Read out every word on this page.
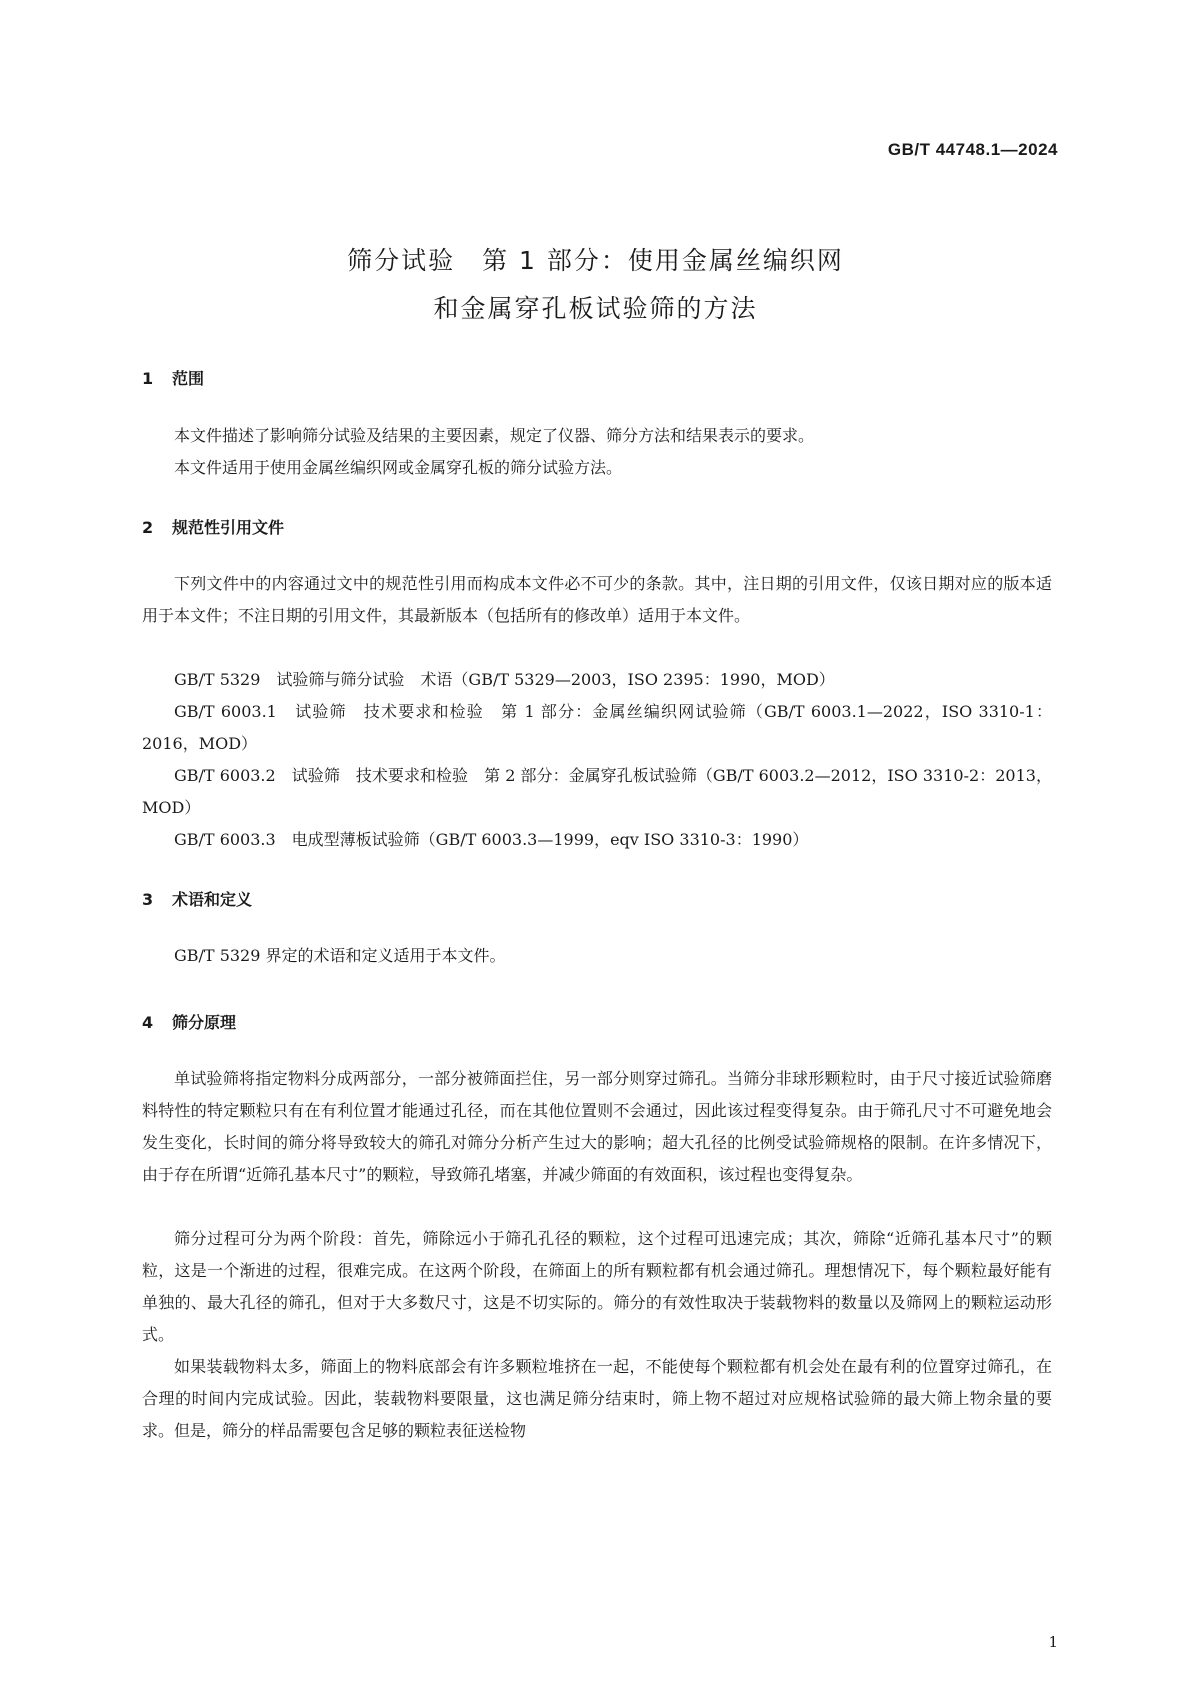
GB/T 44748.1—2024
筛分试验　第 1 部分：使用金属丝编织网
和金属穿孔板试验筛的方法
1 范围

本文件描述了影响筛分试验及结果的主要因素，规定了仪器、筛分方法和结果表示的要求。

本文件适用于使用金属丝编织网或金属穿孔板的筛分试验方法。

2 规范性引用文件

下列文件中的内容通过文中的规范性引用而构成本文件必不可少的条款。其中，注日期的引用文件，仅该日期对应的版本适用于本文件；不注日期的引用文件，其最新版本（包括所有的修改单）适用于本文件。

GB/T 5329　试验筛与筛分试验　术语（GB/T 5329—2003，ISO 2395：1990，MOD）

GB/T 6003.1　试验筛　技术要求和检验　第 1 部分：金属丝编织网试验筛（GB/T 6003.1—2022，ISO 3310-1：2016，MOD）

GB/T 6003.2　试验筛　技术要求和检验　第 2 部分：金属穿孔板试验筛（GB/T 6003.2—2012，ISO 3310-2：2013，MOD）

GB/T 6003.3　电成型薄板试验筛（GB/T 6003.3—1999，eqv ISO 3310-3：1990）

3 术语和定义

GB/T 5329 界定的术语和定义适用于本文件。

4 筛分原理

单试验筛将指定物料分成两部分，一部分被筛面拦住，另一部分则穿过筛孔。当筛分非球形颗粒时，由于尺寸接近试验筛磨料特性的特定颗粒只有在有利位置才能通过孔径，而在其他位置则不会通过，因此该过程变得复杂。由于筛孔尺寸不可避免地会发生变化，长时间的筛分将导致较大的筛孔对筛分分析产生过大的影响；超大孔径的比例受试验筛规格的限制。在许多情况下，由于存在所谓“近筛孔基本尺寸”的颗粒，导致筛孔堵塞，并减少筛面的有效面积，该过程也变得复杂。

筛分过程可分为两个阶段：首先，筛除远小于筛孔孔径的颗粒，这个过程可迅速完成；其次，筛除“近筛孔基本尺寸”的颗粒，这是一个渐进的过程，很难完成。在这两个阶段，在筛面上的所有颗粒都有机会通过筛孔。理想情况下，每个颗粒最好能有单独的、最大孔径的筛孔，但对于大多数尺寸，这是不切实际的。筛分的有效性取决于装载物料的数量以及筛网上的颗粒运动形式。

如果装载物料太多，筛面上的物料底部会有许多颗粒堆挤在一起，不能使每个颗粒都有机会处在最有利的位置穿过筛孔，在合理的时间内完成试验。因此，装载物料要限量，这也满足筛分结束时，筛上物不超过对应规格试验筛的最大筛上物余量的要求。但是，筛分的样品需要包含足够的颗粒表征送检物

1
